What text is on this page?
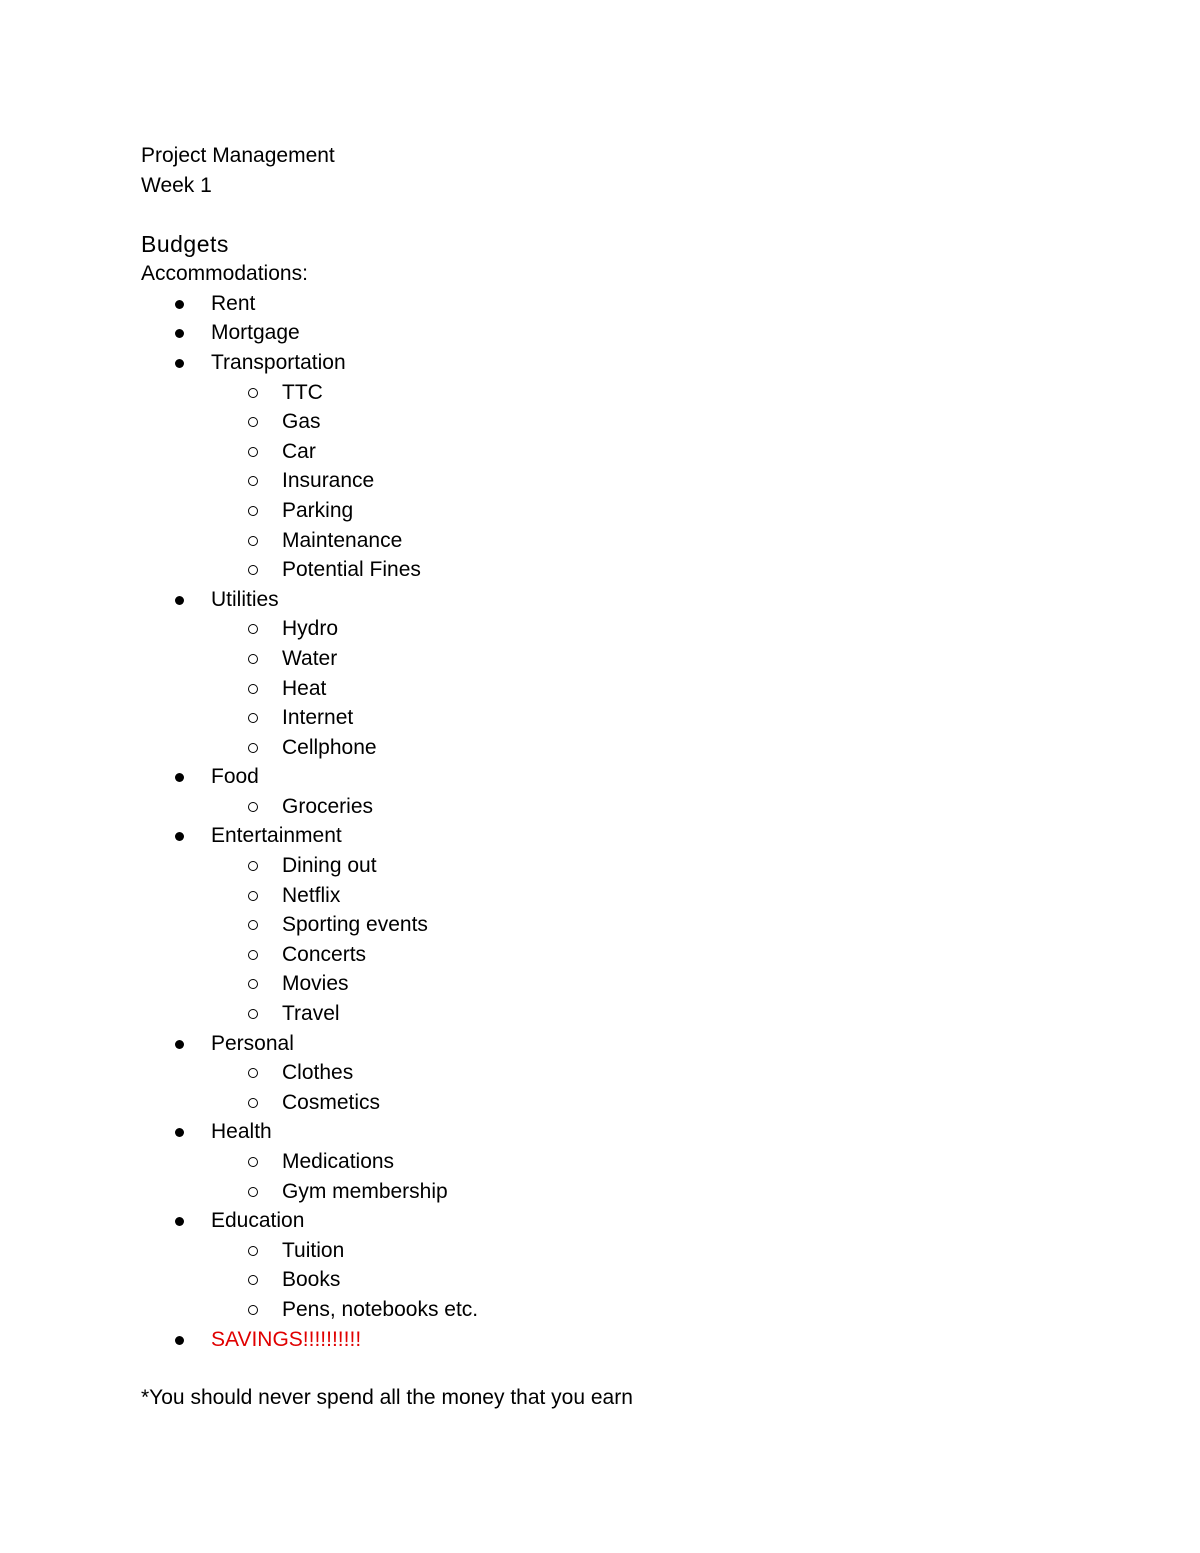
Project Management
Week 1
Budgets
Accommodations:
Rent
Mortgage
Transportation
TTC
Gas
Car
Insurance
Parking
Maintenance
Potential Fines
Utilities
Hydro
Water
Heat
Internet
Cellphone
Food
Groceries
Entertainment
Dining out
Netflix
Sporting events
Concerts
Movies
Travel
Personal
Clothes
Cosmetics
Health
Medications
Gym membership
Education
Tuition
Books
Pens, notebooks etc.
SAVINGS!!!!!!!!!!
*You should never spend all the money that you earn
